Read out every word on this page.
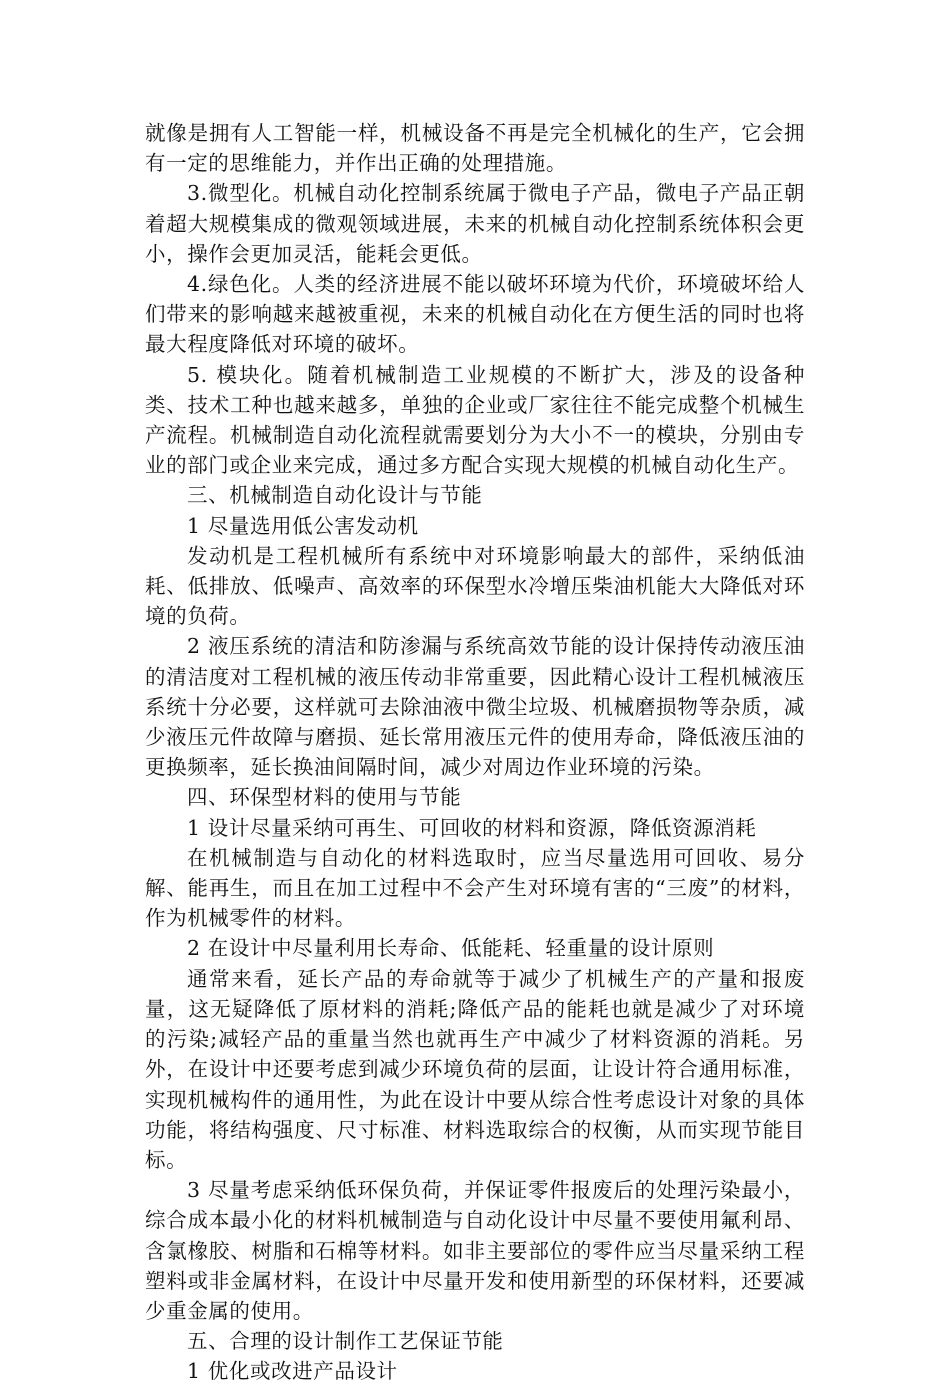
就像是拥有人工智能一样，机械设备不再是完全机械化的生产，它会拥有一定的思维能力，并作出正确的处理措施。

3.微型化。机械自动化控制系统属于微电子产品，微电子产品正朝着超大规模集成的微观领域进展，未来的机械自动化控制系统体积会更小，操作会更加灵活，能耗会更低。

4.绿色化。人类的经济进展不能以破坏环境为代价，环境破坏给人们带来的影响越来越被重视，未来的机械自动化在方便生活的同时也将最大程度降低对环境的破坏。

5. 模块化。随着机械制造工业规模的不断扩大，涉及的设备种类、技术工种也越来越多，单独的企业或厂家往往不能完成整个机械生产流程。机械制造自动化流程就需要划分为大小不一的模块，分别由专业的部门或企业来完成，通过多方配合实现大规模的机械自动化生产。

三、机械制造自动化设计与节能

1 尽量选用低公害发动机

发动机是工程机械所有系统中对环境影响最大的部件，采纳低油耗、低排放、低噪声、高效率的环保型水冷增压柴油机能大大降低对环境的负荷。

2 液压系统的清洁和防渗漏与系统高效节能的设计保持传动液压油的清洁度对工程机械的液压传动非常重要，因此精心设计工程机械液压系统十分必要，这样就可去除油液中微尘垃圾、机械磨损物等杂质，减少液压元件故障与磨损、延长常用液压元件的使用寿命，降低液压油的更换频率，延长换油间隔时间，减少对周边作业环境的污染。

四、环保型材料的使用与节能

1 设计尽量采纳可再生、可回收的材料和资源，降低资源消耗

在机械制造与自动化的材料选取时，应当尽量选用可回收、易分解、能再生，而且在加工过程中不会产生对环境有害的“三废”的材料，作为机械零件的材料。

2 在设计中尽量利用长寿命、低能耗、轻重量的设计原则

通常来看，延长产品的寿命就等于减少了机械生产的产量和报废量，这无疑降低了原材料的消耗;降低产品的能耗也就是减少了对环境的污染;减轻产品的重量当然也就再生产中减少了材料资源的消耗。另外，在设计中还要考虑到减少环境负荷的层面，让设计符合通用标准，实现机械构件的通用性，为此在设计中要从综合性考虑设计对象的具体功能，将结构强度、尺寸标准、材料选取综合的权衡，从而实现节能目标。

3 尽量考虑采纳低环保负荷，并保证零件报废后的处理污染最小，综合成本最小化的材料机械制造与自动化设计中尽量不要使用氟利昂、含氯橡胶、树脂和石棉等材料。如非主要部位的零件应当尽量采纳工程塑料或非金属材料，在设计中尽量开发和使用新型的环保材料，还要减少重金属的使用。

五、合理的设计制作工艺保证节能

1 优化或改进产品设计
